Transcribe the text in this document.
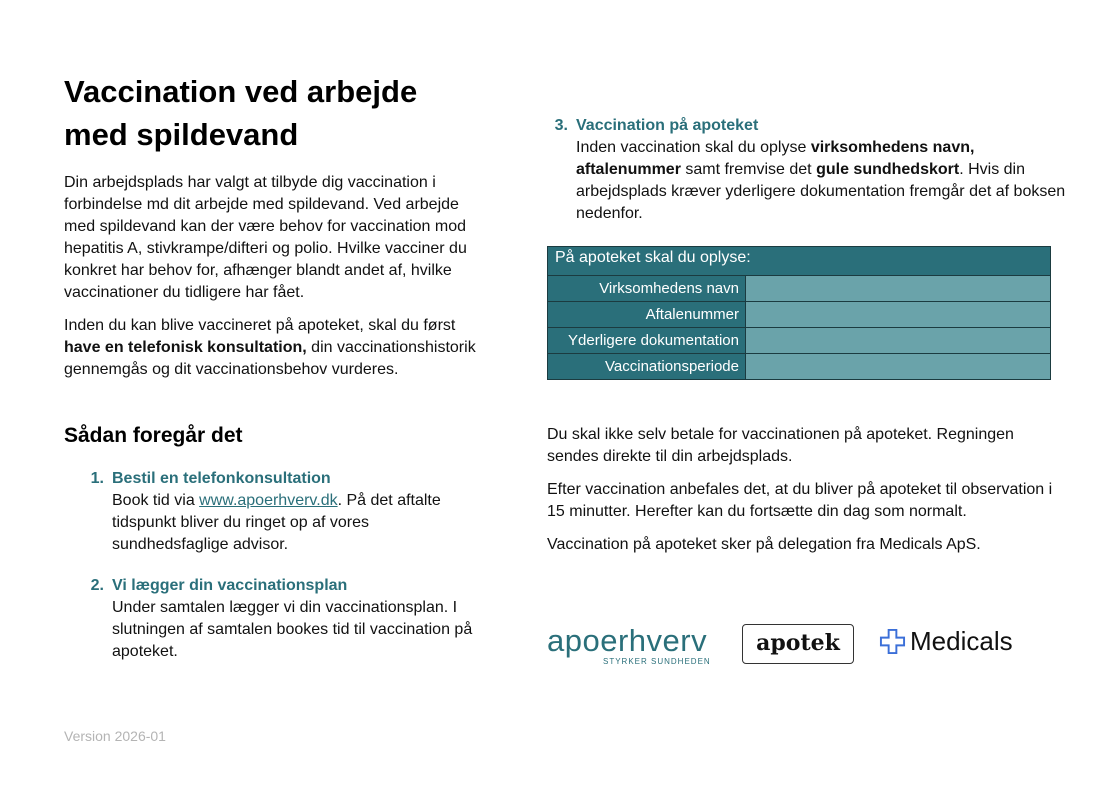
Vaccination ved arbejde med spildevand

Din arbejdsplads har valgt at tilbyde dig vaccination i forbindelse md dit arbejde med spildevand. Ved arbejde med spildevand kan der være behov for vaccination mod hepatitis A, stivkrampe/difteri og polio. Hvilke vacciner du konkret har behov for, afhænger blandt andet af, hvilke vaccinationer du tidligere har fået.

Inden du kan blive vaccineret på apoteket, skal du først have en telefonisk konsultation, din vaccinationshistorik gennemgås og dit vaccinationsbehov vurderes.

Sådan foregår det
1. Bestil en telefonkonsultation
Book tid via www.apoerhverv.dk. På det aftalte tidspunkt bliver du ringet op af vores sundhedsfaglige advisor.
2. Vi lægger din vaccinationsplan
Under samtalen lægger vi din vaccinationsplan. I slutningen af samtalen bookes tid til vaccination på apoteket.
3. Vaccination på apoteket
Inden vaccination skal du oplyse virksomhedens navn, aftalenummer samt fremvise det gule sundhedskort. Hvis din arbejdsplads kræver yderligere dokumentation fremgår det af boksen nedenfor.
På apoteket skal du oplyse:
Virksomhedens navn
Aftalenummer
Yderligere dokumentation
Vaccinationsperiode

Du skal ikke selv betale for vaccinationen på apoteket. Regningen sendes direkte til din arbejdsplads.

Efter vaccination anbefales det, at du bliver på apoteket til observation i 15 minutter. Herefter kan du fortsætte din dag som normalt.

Vaccination på apoteket sker på delegation fra Medicals ApS.

apoerhverv
STYRKER SUNDHEDEN
apotek	Medicals
Version 2026-01
